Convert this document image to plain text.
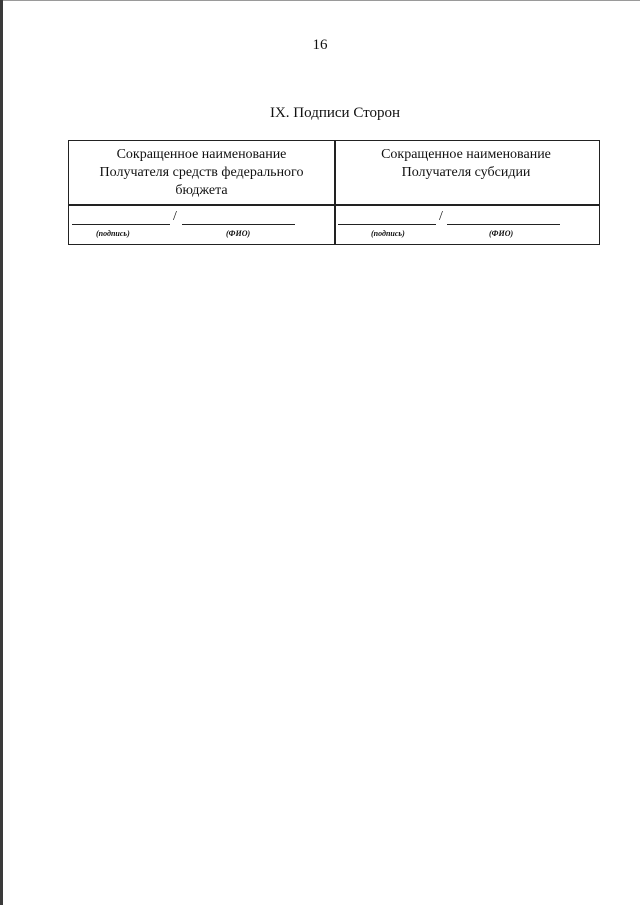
16
IX. Подписи Сторон
Сокращенное наименование
Получателя средств федерального
бюджета
/
(подпись)	(ФИО)
Сокращенное наименование
Получателя субсидии
/
(подпись)	(ФИО)
